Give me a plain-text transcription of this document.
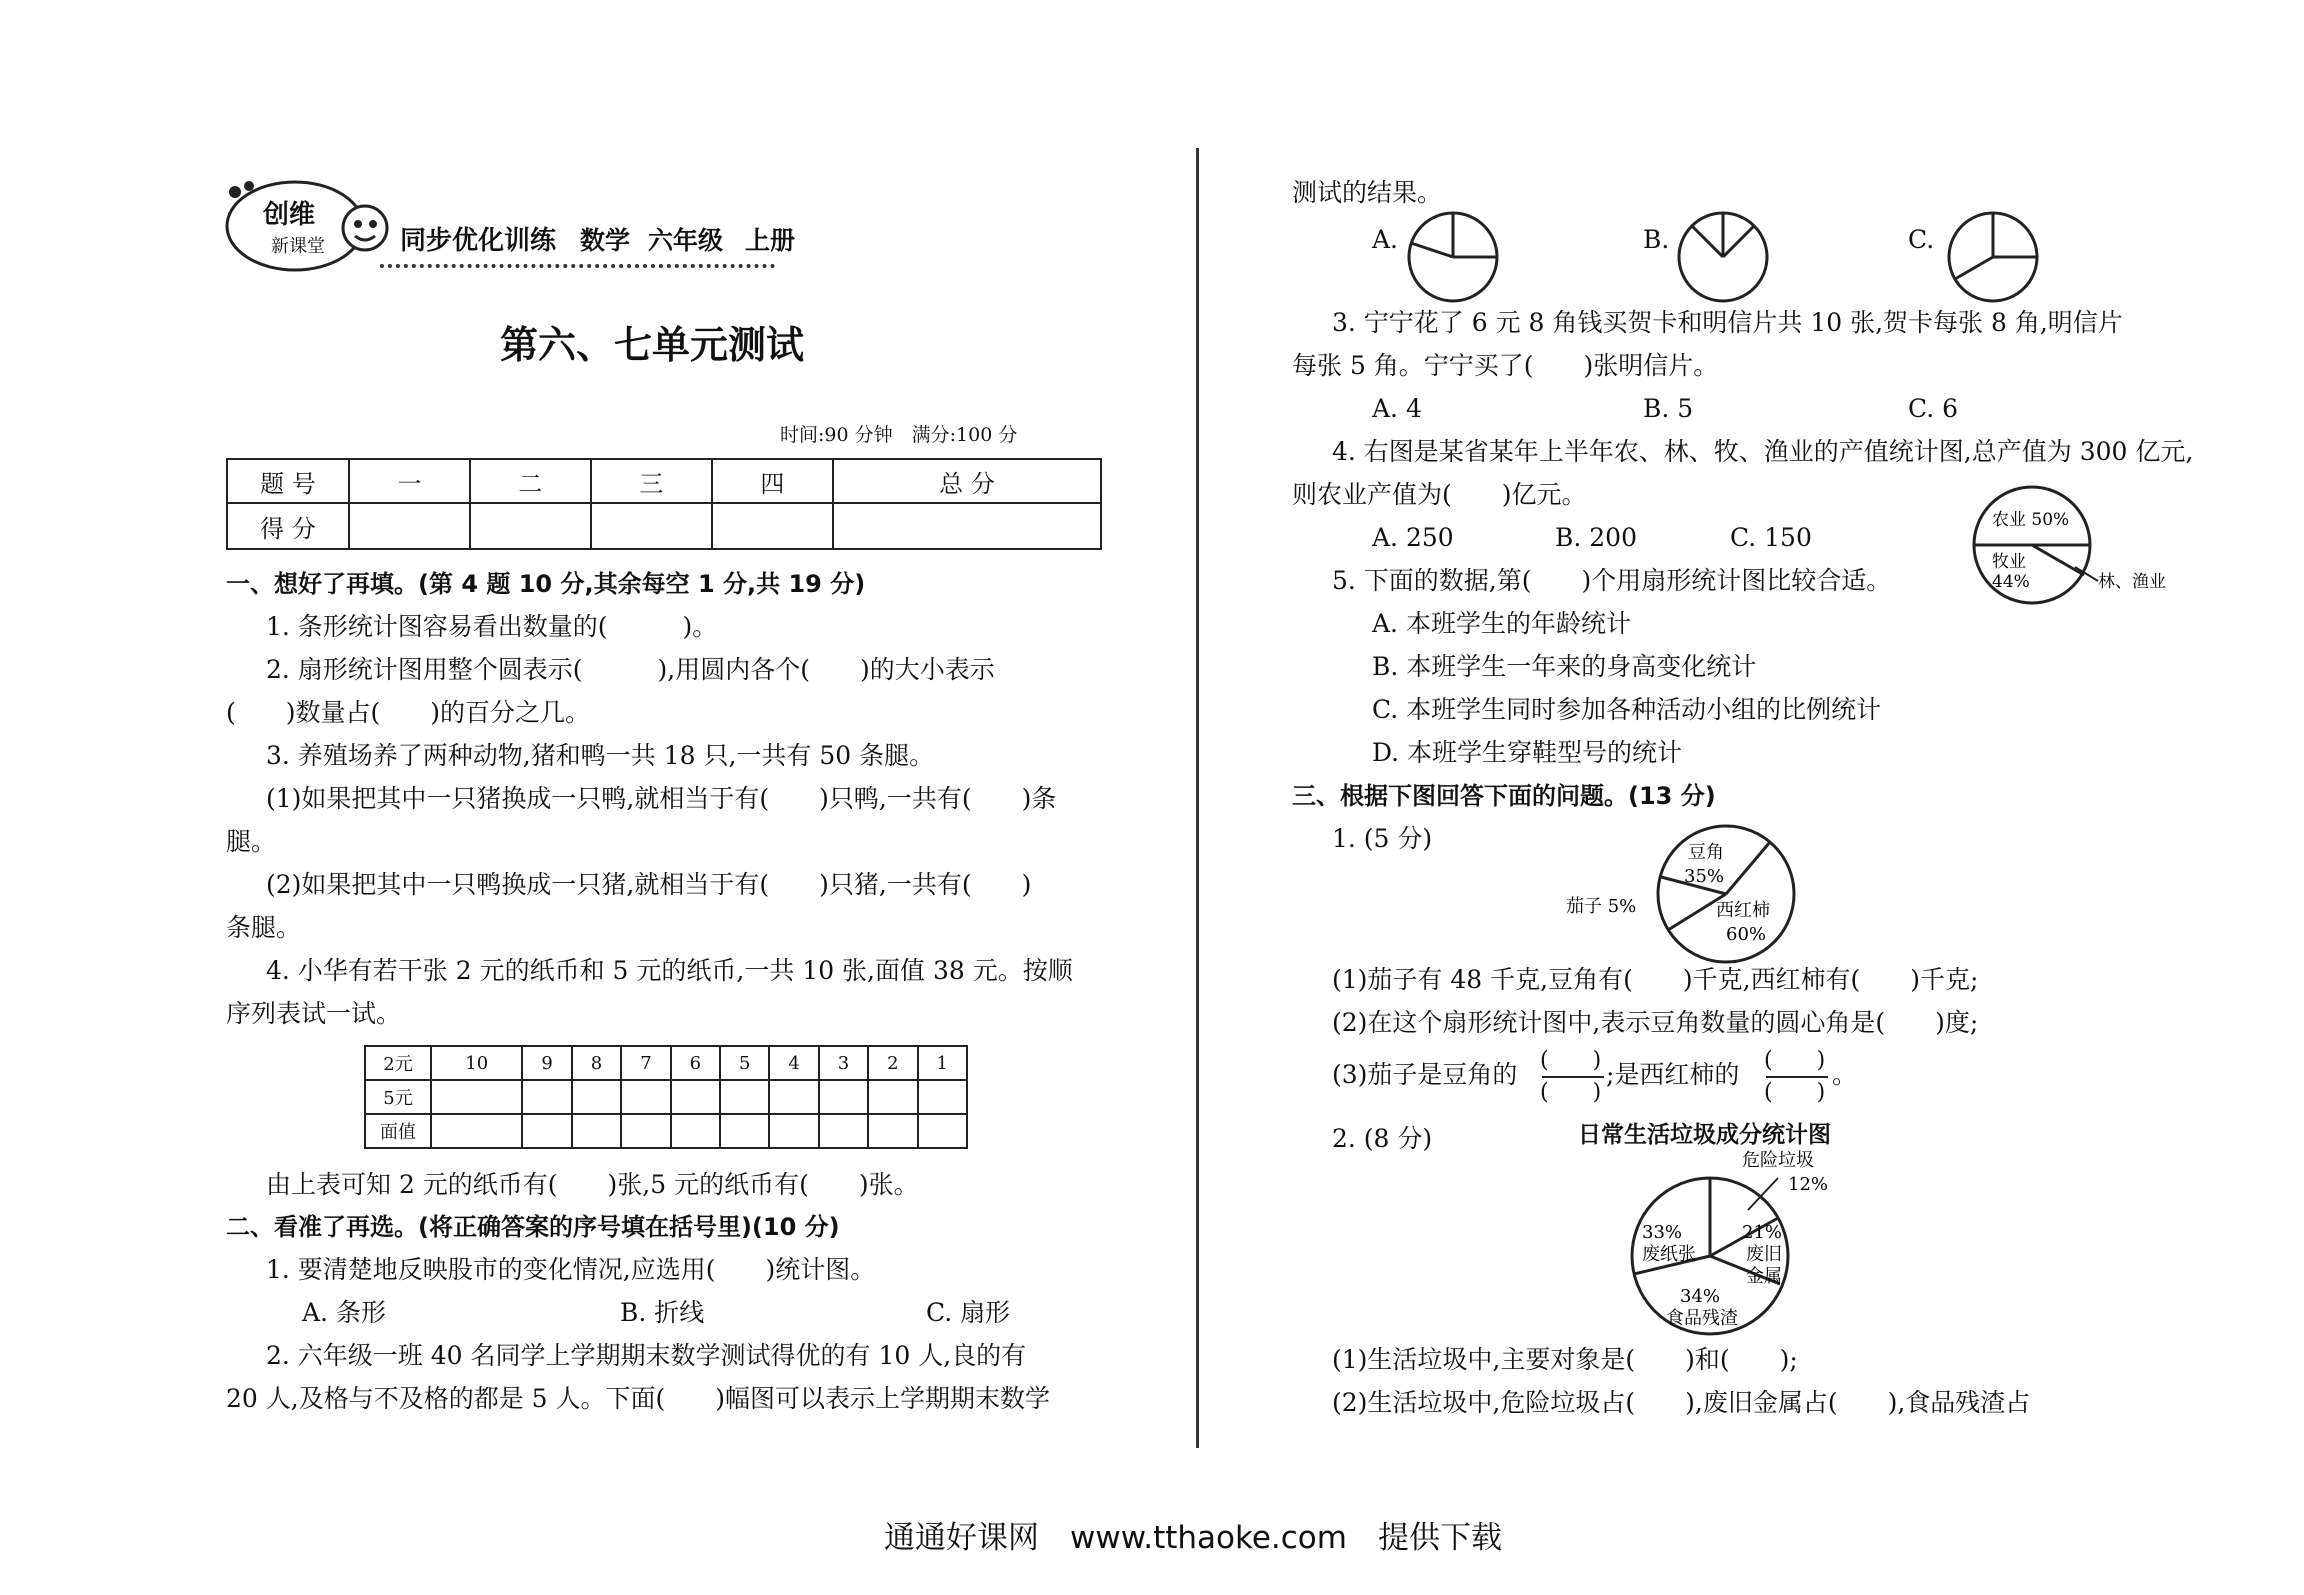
创维
新课堂	同步优化训练 数学 六年级 上册
第六、七单元测试
时间:90 分钟　满分:100 分
题 号	一	二	三	四	总 分
得 分					
一、想好了再填。(第 4 题 10 分,其余每空 1 分,共 19 分)
1. 条形统计图容易看出数量的(　　　)。
2. 扇形统计图用整个圆表示(　　　),用圆内各个(　　)的大小表示
(　　)数量占(　　)的百分之几。
3. 养殖场养了两种动物,猪和鸭一共 18 只,一共有 50 条腿。
(1)如果把其中一只猪换成一只鸭,就相当于有(　　)只鸭,一共有(　　)条
腿。
(2)如果把其中一只鸭换成一只猪,就相当于有(　　)只猪,一共有(　　)
条腿。
4. 小华有若干张 2 元的纸币和 5 元的纸币,一共 10 张,面值 38 元。按顺
序列表试一试。
2元	10	9	8	7	6	5	4	3	2	1
5元										
面值										
由上表可知 2 元的纸币有(　　)张,5 元的纸币有(　　)张。
二、看准了再选。(将正确答案的序号填在括号里)(10 分)
1. 要清楚地反映股市的变化情况,应选用(　　)统计图。
A. 条形	B. 折线	C. 扇形
2. 六年级一班 40 名同学上学期期末数学测试得优的有 10 人,良的有
20 人,及格与不及格的都是 5 人。下面(　　)幅图可以表示上学期期末数学
测试的结果。
A.	B.	C.
3. 宁宁花了 6 元 8 角钱买贺卡和明信片共 10 张,贺卡每张 8 角,明信片
每张 5 角。宁宁买了(　　)张明信片。
A. 4	B. 5	C. 6
4. 右图是某省某年上半年农、林、牧、渔业的产值统计图,总产值为 300 亿元,
则农业产值为(　　)亿元。
A. 250	B. 200	C. 150
农业 50%
牧业
44%	林、渔业
5. 下面的数据,第(　　)个用扇形统计图比较合适。
A. 本班学生的年龄统计
B. 本班学生一年来的身高变化统计
C. 本班学生同时参加各种活动小组的比例统计
D. 本班学生穿鞋型号的统计
三、根据下图回答下面的问题。(13 分)
1. (5 分)	豆角
35%
西红柿
60%
茄子 5%
(1)茄子有 48 千克,豆角有(　　)千克,西红柿有(　　)千克;
(2)在这个扇形统计图中,表示豆角数量的圆心角是(　　)度;
(3)茄子是豆角的 (　　)
(　　)
;是西红柿的 (　　)
(　　)
。
2. (8 分)	日常生活垃圾成分统计图
危险垃圾
12%
33%
废纸张
21%
废旧
金属
34%
食品残渣
(1)生活垃圾中,主要对象是(　　)和(　　);
(2)生活垃圾中,危险垃圾占(　　),废旧金属占(　　),食品残渣占
通通好课网　www.tthaoke.com　提供下载
